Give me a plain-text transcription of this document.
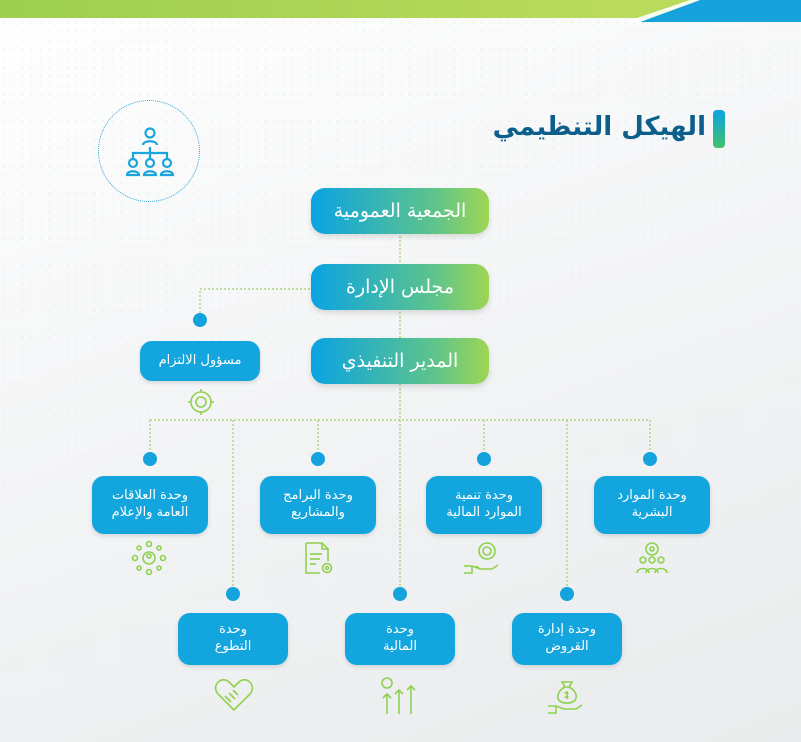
الهيكل التنظيمي
الجمعية العمومية
مجلس الإدارة
المدير التنفيذي
مسؤول الالتزام
وحدة العلاقات
العامة والإعلام
وحدة البرامج
والمشاريع
وحدة تنمية
الموارد المالية
وحدة الموارد
البشرية
وحدة
التطوع
وحدة
المالية
وحدة إدارة
القروض
